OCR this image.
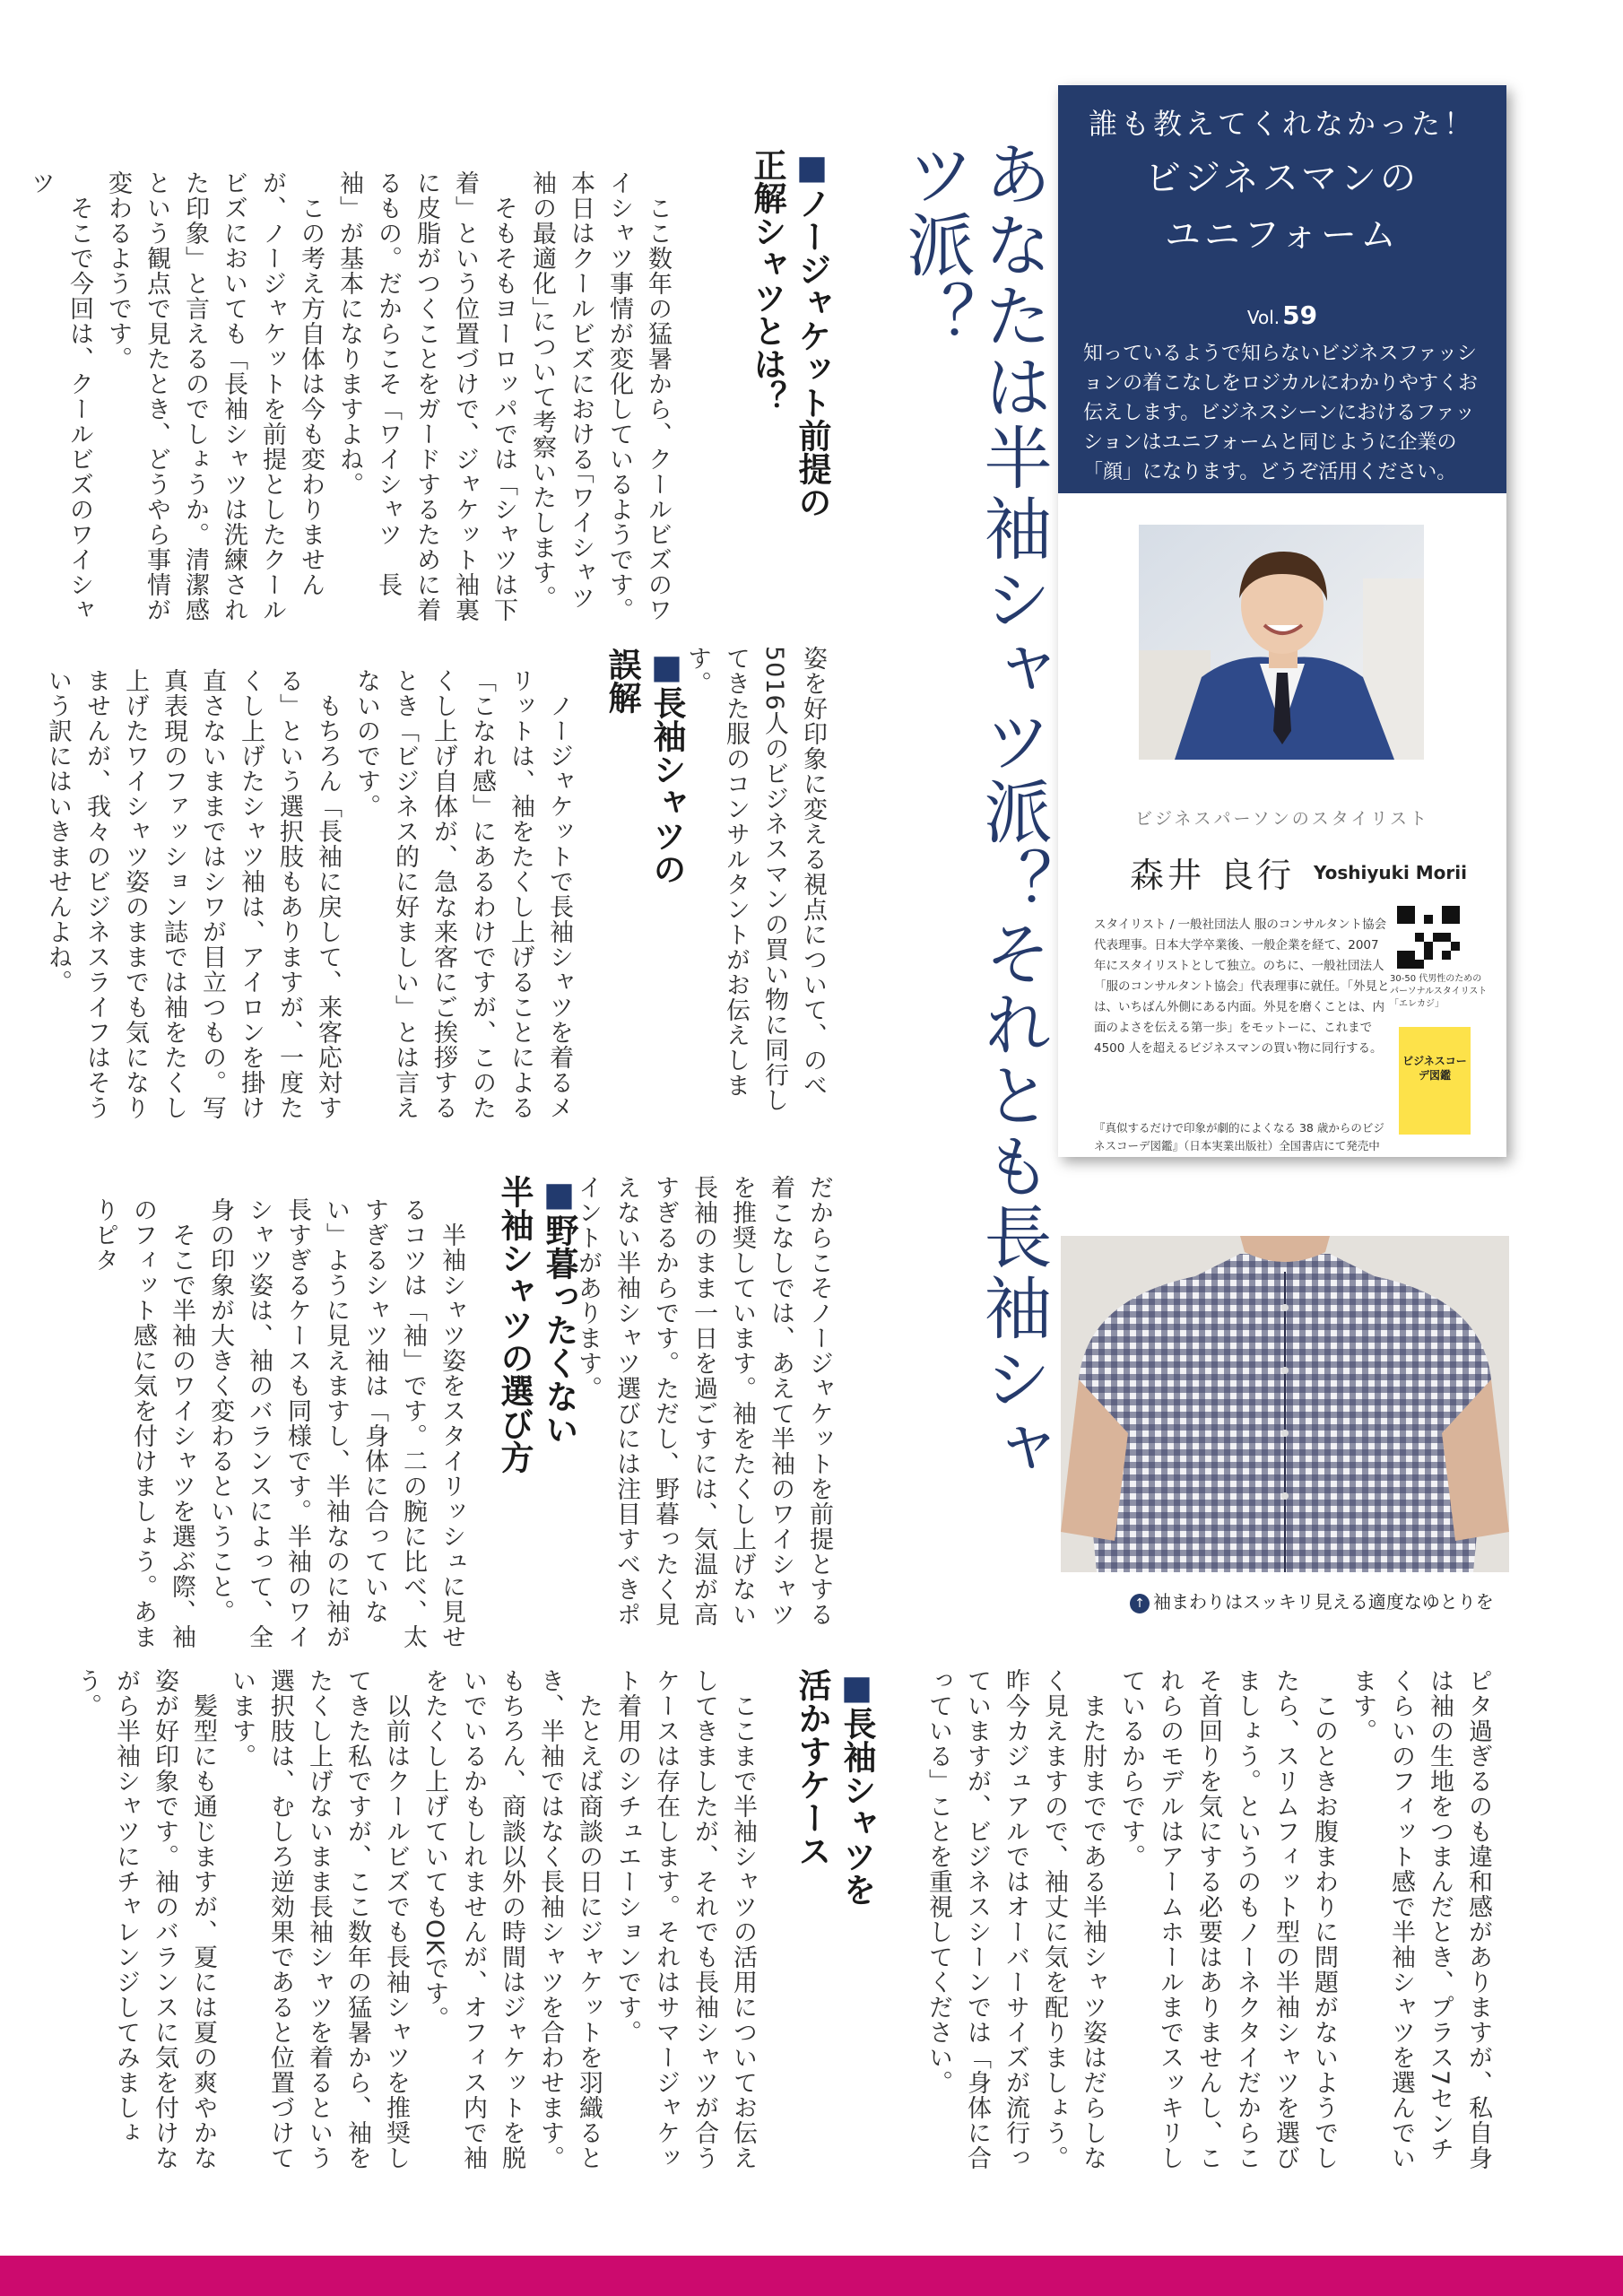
あなたは半袖シャツ派？それとも長袖シャツ派？
■ノージャケット前提の
正解シャツとは？
　ここ数年の猛暑から、クールビズのワイシャツ事情が変化しているようです。本日はクールビズにおける｢ワイシャツ袖の最適化｣について考察いたします。
　そもそもヨーロッパでは「シャツは下着」という位置づけで、ジャケット袖裏に皮脂がつくことをガードするために着るもの。だからこそ「ワイシャツ　長袖」が基本になりますよね。
　この考え方自体は今も変わりませんが、ノージャケットを前提としたクールビズにおいても「長袖シャツは洗練された印象」と言えるのでしょうか。清潔感という観点で見たとき、どうやら事情が変わるようです。
　そこで今回は、クールビズのワイシャツ
姿を好印象に変える視点について、のべ5016人のビジネスマンの買い物に同行してきた服のコンサルタントがお伝えします。
■長袖シャツの
誤解
　ノージャケットで長袖シャツを着るメリットは、袖をたくし上げることによる「こなれ感」にあるわけですが、このたくし上げ自体が、急な来客にご挨拶するとき「ビジネス的に好ましい」とは言えないのです。
　もちろん「長袖に戻して、来客応対する」という選択肢もありますが、一度たくし上げたシャツ袖は、アイロンを掛け直さないままではシワが目立つもの。写真表現のファッション誌では袖をたくし上げたワイシャツ姿のままでも気になりませんが、我々のビジネスライフはそういう訳にはいきませんよね。
だからこそノージャケットを前提とする着こなしでは、あえて半袖のワイシャツを推奨しています。袖をたくし上げない長袖のまま一日を過ごすには、気温が高すぎるからです。ただし、野暮ったく見えない半袖シャツ選びには注目すべきポイントがあります。
■野暮ったくない
半袖シャツの選び方
　半袖シャツ姿をスタイリッシュに見せるコツは「袖」です。二の腕に比べ、太すぎるシャツ袖は「身体に合っていない」ように見えますし、半袖なのに袖が長すぎるケースも同様です。半袖のワイシャツ姿は、袖のバランスによって、全身の印象が大きく変わるということ。
　そこで半袖のワイシャツを選ぶ際、袖のフィット感に気を付けましょう。あまりピタ
ピタ過ぎるのも違和感がありますが、私自身は袖の生地をつまんだとき、プラス7センチくらいのフィット感で半袖シャツを選んでいます。
　このときお腹まわりに問題がないようでしたら、スリムフィット型の半袖シャツを選びましょう。というのもノーネクタイだからこそ首回りを気にする必要はありませんし、これらのモデルはアームホールまでスッキリしているからです。
　また肘までである半袖シャツ姿はだらしなく見えますので、袖丈に気を配りましょう。昨今カジュアルではオーバーサイズが流行っていますが、ビジネスシーンでは「身体に合っている」ことを重視してください。
■長袖シャツを
活かすケース
　ここまで半袖シャツの活用についてお伝えしてきましたが、それでも長袖シャツが合うケースは存在します。それはサマージャケット着用のシチュエーションです。
　たとえば商談の日にジャケットを羽織るとき、半袖ではなく長袖シャツを合わせます。もちろん、商談以外の時間はジャケットを脱いでいるかもしれませんが、オフィス内で袖をたくし上げていてもOKです。
　以前はクールビズでも長袖シャツを推奨してきた私ですが、ここ数年の猛暑から、袖をたくし上げないまま長袖シャツを着るという選択肢は、むしろ逆効果であると位置づけています。
　髪型にも通じますが、夏には夏の爽やかな姿が好印象です。袖のバランスに気を付けながら半袖シャツにチャレンジしてみましょう。
誰も教えてくれなかった！
ビジネスマンの
ユニフォーム
Vol. 59
知っているようで知らないビジネスファッションの着こなしをロジカルにわかりやすくお伝えします。ビジネスシーンにおけるファッションはユニフォームと同じように企業の「顔」になります。どうぞ活用ください。
ビジネスパーソンのスタイリスト
森井 良行 Yoshiyuki Morii
スタイリスト / 一般社団法人 服のコンサルタント協会代表理事。日本大学卒業後、一般企業を経て、2007 年にスタイリストとして独立。のちに、一般社団法人「服のコンサルタント協会」代表理事に就任。「外見とは、いちばん外側にある内面。外見を磨くことは、内面のよさを伝える第一歩」をモットーに、これまで 4500 人を超えるビジネスマンの買い物に同行する。
30-50 代男性のためのパーソナルスタイリスト「エレカジ」
ビジネスコーデ図鑑
『真似するだけで印象が劇的によくなる 38 歳からのビジネスコーデ図鑑』（日本実業出版社）全国書店にて発売中
↑ 袖まわりはスッキリ見える適度なゆとりを
